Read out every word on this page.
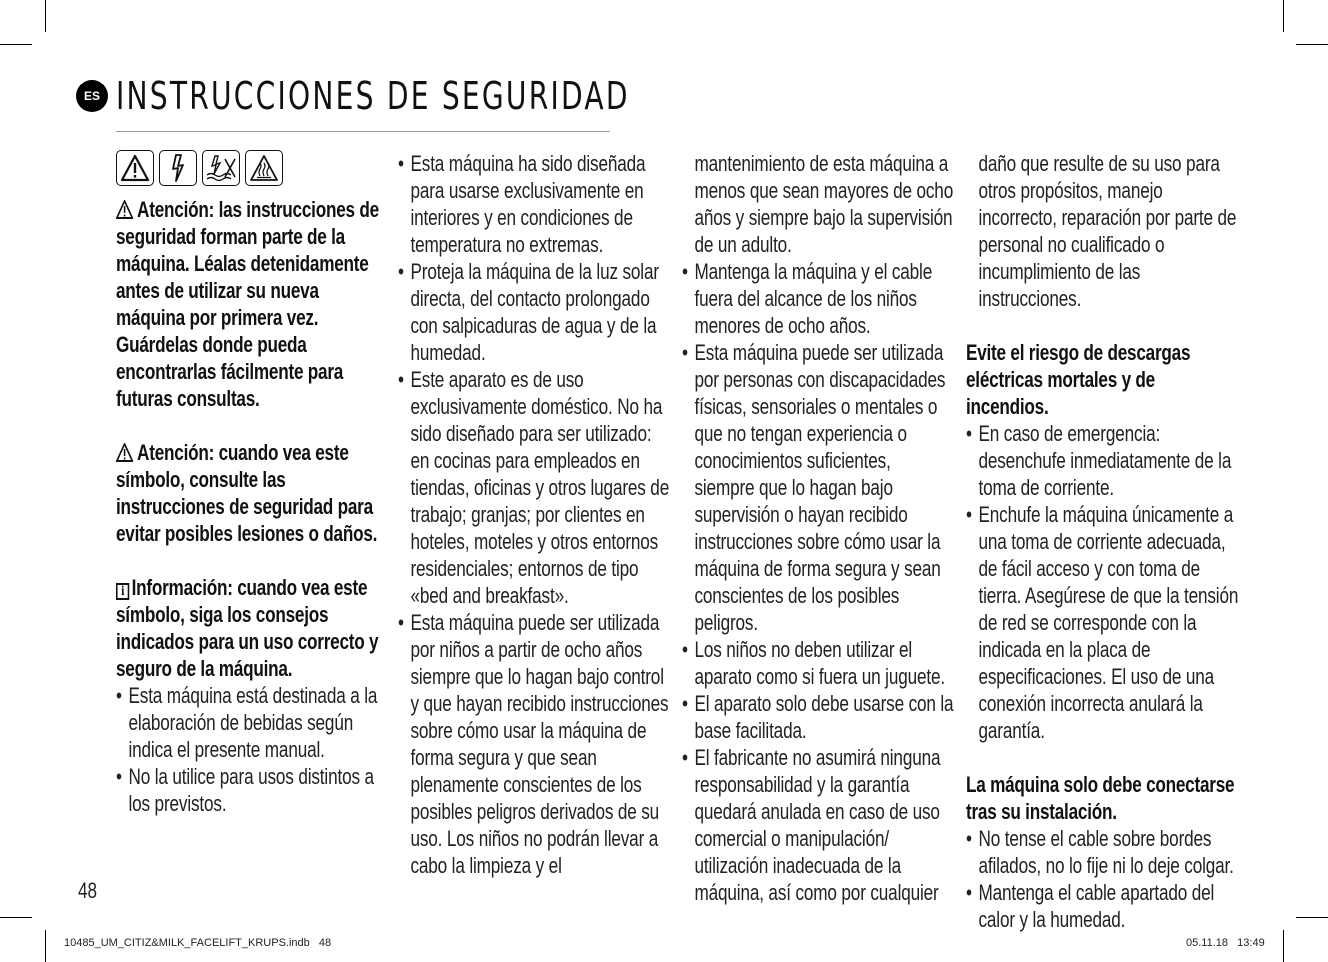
ES INSTRUCCIONES DE SEGURIDAD

Atención: las instrucciones de seguridad forman parte de la máquina. Léalas detenidamente antes de utilizar su nueva máquina por primera vez. Guárdelas donde pueda encontrarlas fácilmente para futuras consultas.

Atención: cuando vea este símbolo, consulte las instrucciones de seguridad para evitar posibles lesiones o daños.

i Información: cuando vea este símbolo, siga los consejos indicados para un uso correcto y seguro de la máquina.

• Esta máquina está destinada a la elaboración de bebidas según indica el presente manual.
• No la utilice para usos distintos a los previstos.
• Esta máquina ha sido diseñada para usarse exclusivamente en interiores y en condiciones de temperatura no extremas.
• Proteja la máquina de la luz solar directa, del contacto prolongado con salpicaduras de agua y de la humedad.
• Este aparato es de uso exclusivamente doméstico. No ha sido diseñado para ser utilizado: en cocinas para empleados en tiendas, oficinas y otros lugares de trabajo; granjas; por clientes en hoteles, moteles y otros entornos residenciales; entornos de tipo «bed and breakfast».
• Esta máquina puede ser utilizada por niños a partir de ocho años siempre que lo hagan bajo control y que hayan recibido instrucciones sobre cómo usar la máquina de forma segura y que sean plenamente conscientes de los posibles peligros derivados de su uso. Los niños no podrán llevar a cabo la limpieza y el

mantenimiento de esta máquina a menos que sean mayores de ocho años y siempre bajo la supervisión de un adulto.

• Mantenga la máquina y el cable fuera del alcance de los niños menores de ocho años.
• Esta máquina puede ser utilizada por personas con discapacidades físicas, sensoriales o mentales o que no tengan experiencia o conocimientos suficientes, siempre que lo hagan bajo supervisión o hayan recibido instrucciones sobre cómo usar la máquina de forma segura y sean conscientes de los posibles peligros.
• Los niños no deben utilizar el aparato como si fuera un juguete.
• El aparato solo debe usarse con la base facilitada.
• El fabricante no asumirá ninguna responsabilidad y la garantía quedará anulada en caso de uso comercial o manipulación/ utilización inadecuada de la máquina, así como por cualquier

daño que resulte de su uso para otros propósitos, manejo incorrecto, reparación por parte de personal no cualificado o incumplimiento de las instrucciones.

Evite el riesgo de descargas eléctricas mortales y de incendios.
• En caso de emergencia: desenchufe inmediatamente de la toma de corriente.
• Enchufe la máquina únicamente a una toma de corriente adecuada, de fácil acceso y con toma de tierra. Asegúrese de que la tensión de red se corresponde con la indicada en la placa de especificaciones. El uso de una conexión incorrecta anulará la garantía.
La máquina solo debe conectarse tras su instalación.
• No tense el cable sobre bordes afilados, no lo fije ni lo deje colgar.
• Mantenga el cable apartado del calor y la humedad.
48
10485_UM_CITIZ&MILK_FACELIFT_KRUPS.indb   48	05.11.18   13:49
